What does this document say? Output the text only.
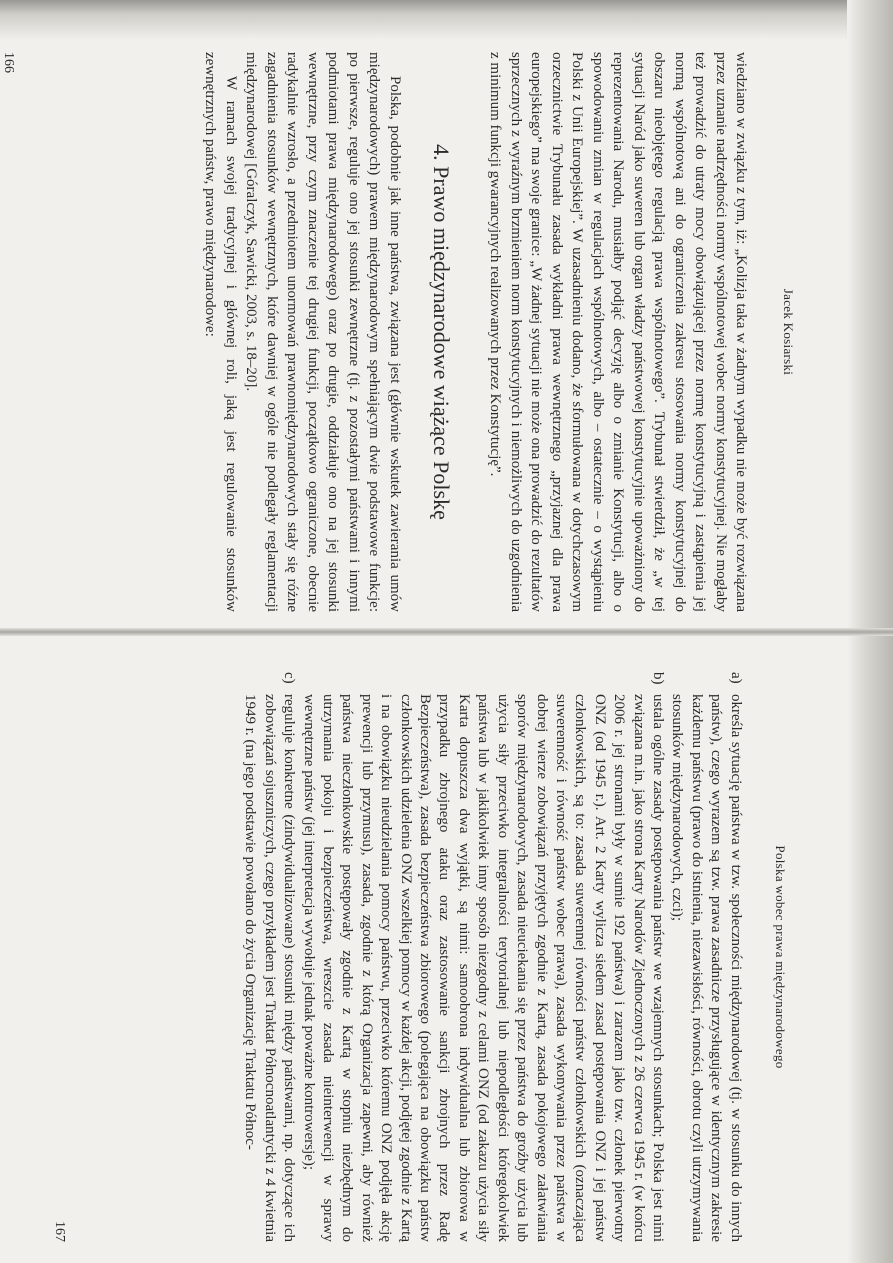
Jacek Kosiarski

wiedziano w związku z tym, iż: „Kolizja taka w żadnym wypadku nie może być rozwiązana przez uznanie nadrzędności normy wspólnotowej wobec normy konstytucyjnej. Nie mogłaby też prowadzić do utraty mocy obowiązującej przez normę konstytucyjną i zastąpienia jej normą wspólnotową ani do ograniczenia zakresu stosowania normy konstytucyjnej do obszaru nieobjętego regulacją prawa wspólnotowego”. Trybunał stwierdził, że „w tej sytuacji Naród jako suweren lub organ władzy państwowej konstytucyjnie upoważniony do reprezentowania Narodu, musiałby podjąć decyzję albo o zmianie Konstytucji, albo o spowodowaniu zmian w regulacjach wspólnotowych, albo – ostatecznie – o wystąpieniu Polski z Unii Europejskiej”. W uzasadnieniu dodano, że sformułowana w dotychczasowym orzecznictwie Trybunału zasada wykładni prawa wewnętrznego „przyjaznej dla prawa europejskiego” ma swoje granice: „W żadnej sytuacji nie może ona prowadzić do rezultatów sprzecznych z wyraźnym brzmieniem norm konstytucyjnych i niemożliwych do uzgodnienia z minimum funkcji gwarancyjnych realizowanych przez Konstytucję”.

4. Prawo międzynarodowe wiążące Polskę

Polska, podobnie jak inne państwa, związana jest (głównie wskutek zawierania umów międzynarodowych) prawem międzynarodowym spełniającym dwie podstawowe funkcje: po pierwsze, reguluje ono jej stosunki zewnętrzne (tj. z pozostałymi państwami i innymi podmiotami prawa międzynarodowego) oraz po drugie, oddziałuje ono na jej stosunki wewnętrzne, przy czym znaczenie tej drugiej funkcji, początkowo ograniczone, obecnie radykalnie wzrosło, a przedmiotem unormowań prawnomiędzynarodowych stały się różne zagadnienia stosunków wewnętrznych, które dawniej w ogóle nie podlegały reglamentacji międzynarodowej [Góralczyk, Sawicki, 2003, s. 18–20].

W ramach swojej tradycyjnej i głównej roli, jaką jest regulowanie stosunków zewnętrznych państw, prawo międzynarodowe:

166
Polska wobec prawa międzynarodowego
a)
określa sytuację państwa w tzw. społeczności międzynarodowej (tj. w stosunku do innych państw), czego wyrazem są tzw. prawa zasadnicze przysługujące w identycznym zakresie każdemu państwu (prawo do istnienia, niezawisłości, równości, obrotu czyli utrzymywania stosunków międzynarodowych, czci);
b)
ustala ogólne zasady postępowania państw we wzajemnych stosunkach; Polska jest nimi związana m.in. jako strona Karty Narodów Zjednoczonych z 26 czerwca 1945 r. (w końcu 2006 r. jej stronami były w sumie 192 państwa) i zarazem jako tzw. członek pierwotny ONZ (od 1945 r.). Art. 2 Karty wylicza siedem zasad postępowania ONZ i jej państw członkowskich, są to: zasada suwerennej równości państw członkowskich (oznaczająca suwerenność i równość państw wobec prawa), zasada wykonywania przez państwa w dobrej wierze zobowiązań przyjętych zgodnie z Kartą, zasada pokojowego załatwiania sporów międzynarodowych, zasada nieuciekania się przez państwa do groźby użycia lub użycia siły przeciwko integralności terytorialnej lub niepodległości któregokolwiek państwa lub w jakikolwiek inny sposób niezgodny z celami ONZ (od zakazu użycia siły Karta dopuszcza dwa wyjątki, są nimi: samoobrona indywidualna lub zbiorowa w przypadku zbrojnego ataku oraz zastosowanie sankcji zbrojnych przez Radę Bezpieczeństwa), zasada bezpieczeństwa zbiorowego (polegająca na obowiązku państw członkowskich udzielenia ONZ wszelkiej pomocy w każdej akcji, podjętej zgodnie z Kartą i na obowiązku nieudzielania pomocy państwu, przeciwko któremu ONZ podjęła akcję prewencji lub przymusu), zasada, zgodnie z którą Organizacja zapewni, aby również państwa nieczłonkowskie postępowały zgodnie z Kartą w stopniu niezbędnym do utrzymania pokoju i bezpieczeństwa, wreszcie zasada nieinterwencji w sprawy wewnętrzne państw (jej interpretacja wywołuje jednak poważne kontrowersje);
c)
reguluje konkretne (zindywidualizowane) stosunki między państwami, np. dotyczące ich zobowiązań sojuszniczych, czego przykładem jest Traktat Północnoatlantycki z 4 kwietnia 1949 r. (na jego podstawie powołano do życia Organizację Traktatu Północ-
167
